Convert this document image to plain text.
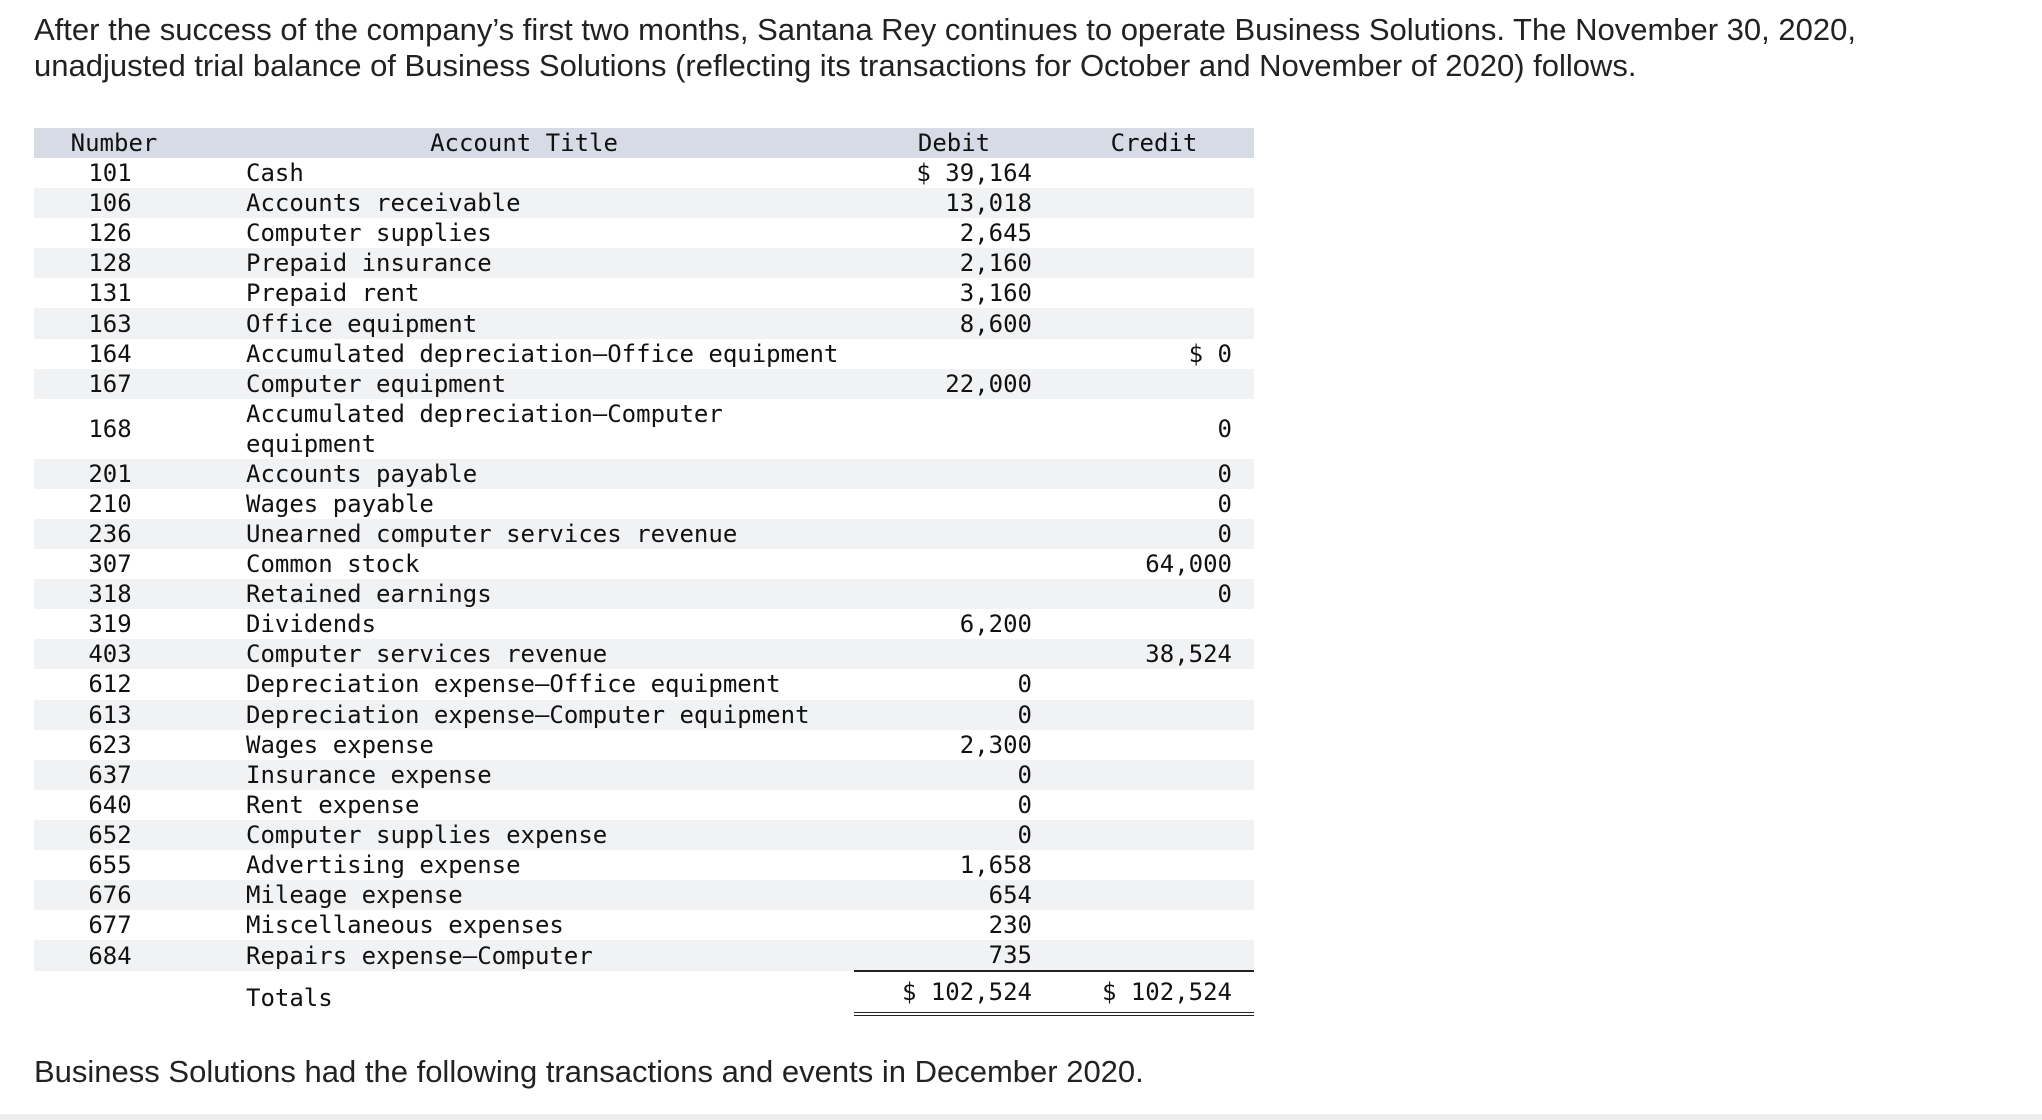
After the success of the company’s first two months, Santana Rey continues to operate Business Solutions. The November 30, 2020, unadjusted trial balance of Business Solutions (reflecting its transactions for October and November of 2020) follows.

Number	Account Title	Debit	Credit
101	Cash	$ 39,164	
106	Accounts receivable	13,018	
126	Computer supplies	2,645	
128	Prepaid insurance	2,160	
131	Prepaid rent	3,160	
163	Office equipment	8,600	
164	Accumulated depreciation—Office equipment		$ 0
167	Computer equipment	22,000	
168	Accumulated depreciation—Computer equipment		0
201	Accounts payable		0
210	Wages payable		0
236	Unearned computer services revenue		0
307	Common stock		64,000
318	Retained earnings		0
319	Dividends	6,200	
403	Computer services revenue		38,524
612	Depreciation expense—Office equipment	0	
613	Depreciation expense—Computer equipment	0	
623	Wages expense	2,300	
637	Insurance expense	0	
640	Rent expense	0	
652	Computer supplies expense	0	
655	Advertising expense	1,658	
676	Mileage expense	654	
677	Miscellaneous expenses	230	
684	Repairs expense—Computer	735	
	Totals	$ 102,524	$ 102,524

Business Solutions had the following transactions and events in December 2020.
